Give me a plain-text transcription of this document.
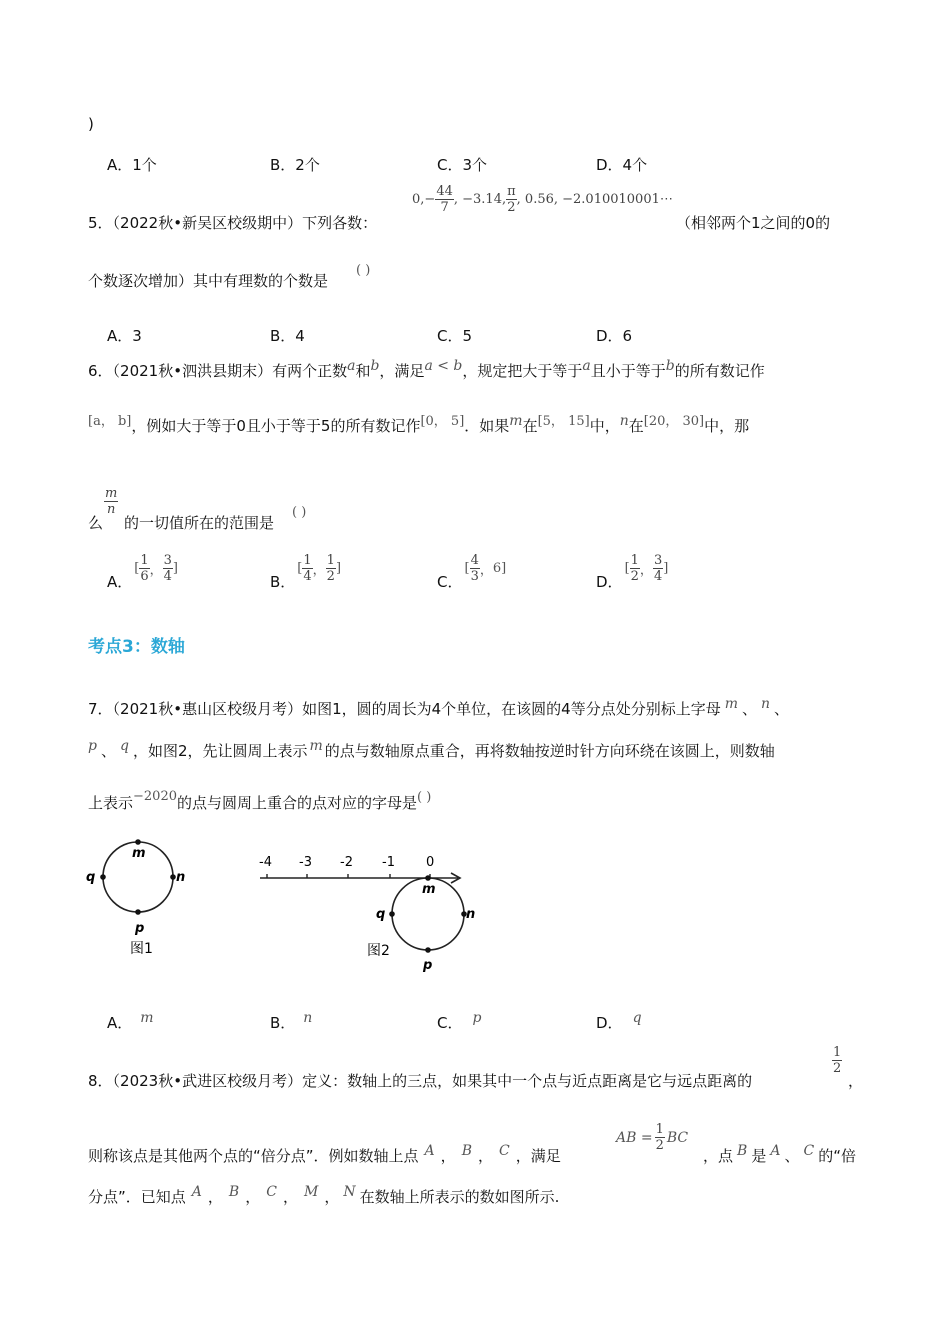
)
A．1个	B．2个	C．3个	D．4个
5．（2022秋•新吴区校级期中）下列各数：
0, − $\frac{44}{7}$ , −3.14, $\frac{\pi}{2}$ , 0.56, −2.010010001⋯
（相邻两个1之间的0的
个数逐次增加）其中有理数的个数是
( )
A．3	B．4	C．5	D．6
6．（2021秋•泗洪县期末）有两个正数a和b，满足a < b，规定把大于等于a且小于等于b的所有数记作
[a， b]，例如大于等于0且小于等于5的所有数记作[0， 5]．如果m在[5， 15]中，n在[20， 30]中，那
么
$\frac{m}{n}$
的一切值所在的范围是
( )
A．
[ $\frac{1}{6}$ ， $\frac{3}{4}$ ]
B．
[ $\frac{1}{4}$ ， $\frac{1}{2}$ ]
C．
[ $\frac{4}{3}$ ， 6 ]
D．
[ $\frac{1}{2}$ ， $\frac{3}{4}$ ]
考点3：数轴
7．（2021秋•惠山区校级月考）如图1，圆的周长为4个单位，在该圆的4等分点处分别标上字母 m 、 n 、
p 、 q ，如图2，先让圆周上表示 m 的点与数轴原点重合，再将数轴按逆时针方向环绕在该圆上，则数轴
上表示−2020的点与圆周上重合的点对应的字母是( )
m
n
p
q
图1
-4 -3 -2 -1 0
m
n
p
q
图2
A． m	B． n	C． p	D． q
8．（2023秋•武进区校级月考）定义：数轴上的三点，如果其中一个点与近点距离是它与远点距离的
$\frac{1}{2}$
，
则称该点是其他两个点的“倍分点”．例如数轴上点 A ， B ， C ，满足
AB = $\frac{1}{2}$ BC
，点 B 是 A 、 C 的“倍
分点”．已知点 A ， B ， C ， M ， N 在数轴上所表示的数如图所示.
